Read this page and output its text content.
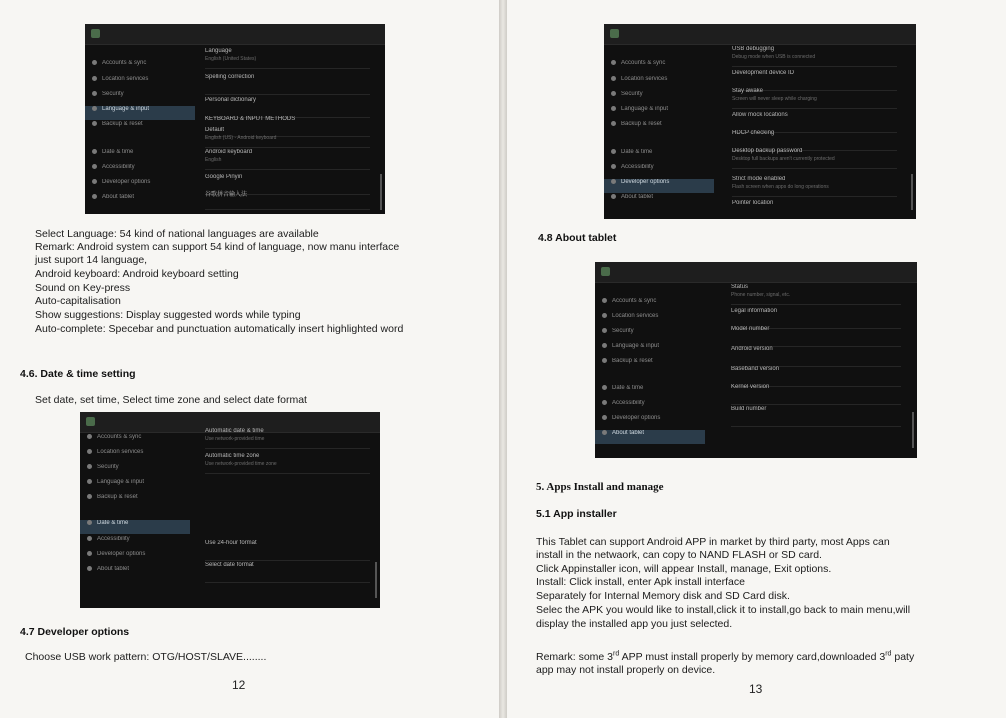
Accounts & sync
Location services
Security
Language & input
Backup & reset
Date & time
Accessibility
Developer options
About tablet
Language
English (United States)
Spelling correction
Personal dictionary
KEYBOARD & INPUT METHODS
Default
English (US) - Android keyboard
Android keyboard
English
Google Pinyin
谷歌拼音输入法
Select Language: 54 kind of national languages are available
Remark: Android system can support 54 kind of language, now manu interface
just suport 14 language,
Android keyboard: Android keyboard setting
Sound on Key-press
Auto-capitalisation
Show suggestions: Display suggested words while typing
Auto-complete: Specebar and punctuation automatically insert highlighted word
4.6. Date & time setting
Set date, set time, Select time zone and select date format
Accounts & sync
Location services
Security
Language & input
Backup & reset
Date & time
Accessibility
Developer options
About tablet
Automatic date & time
Use network-provided time
Automatic time zone
Use network-provided time zone
Use 24-hour format
Select date format
4.7 Developer options
Choose USB work pattern: OTG/HOST/SLAVE........
12
Accounts & sync
Location services
Security
Language & input
Backup & reset
Date & time
Accessibility
Developer options
About tablet
USB debugging
Debug mode when USB is connected
Development device ID
Stay awake
Screen will never sleep while charging
Allow mock locations
HDCP checking
Desktop backup password
Desktop full backups aren't currently protected
Strict mode enabled
Flash screen when apps do long operations
Pointer location
4.8 About tablet
Accounts & sync
Location services
Security
Language & input
Backup & reset
Date & time
Accessibility
Developer options
About tablet
Status
Phone number, signal, etc.
Legal information
Model number
Android version
Baseband version
Kernel version
Build number
5. Apps Install and manage
5.1 App installer
This Tablet can support Android APP in market by third party, most Apps can
install in the netwaork, can copy to NAND FLASH or SD card.
Click Appinstaller icon, will appear Install, manage, Exit options.
Install: Click install, enter Apk install interface
Separately for Internal Memory disk and SD Card disk.
Selec the APK you would like to install,click it to install,go back to main menu,will
display the installed app you just selected.
Remark: some 3rd APP must install properly by memory card,downloaded 3rd paty
app may not install properly on device.
13
